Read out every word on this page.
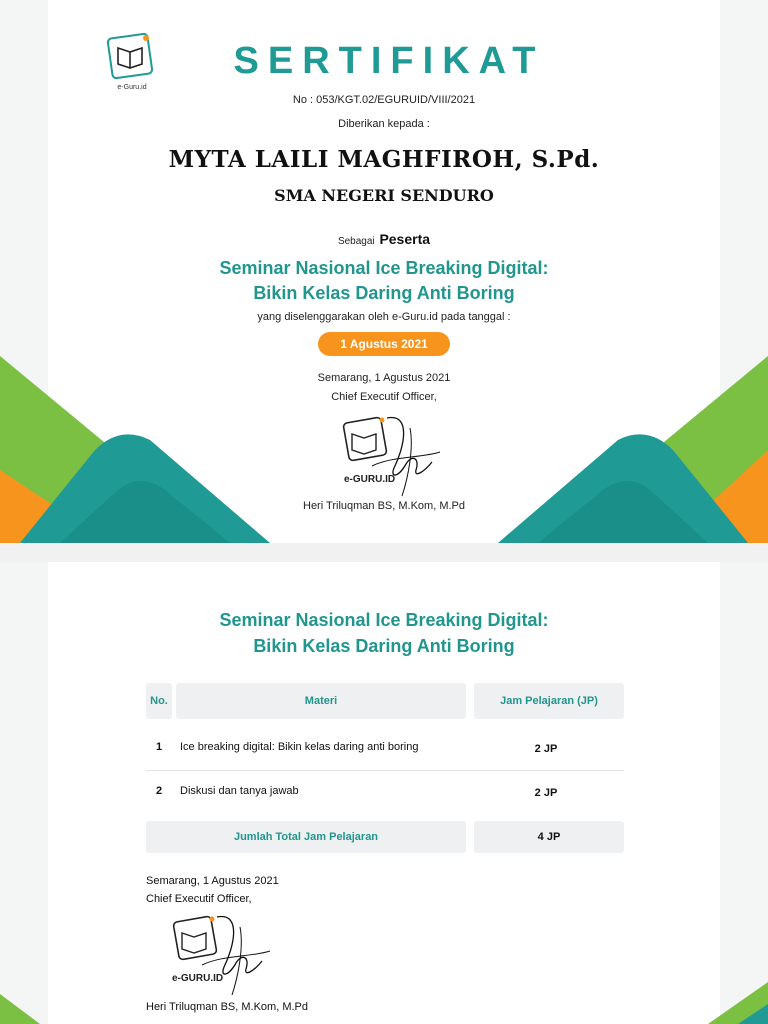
e-Guru.id
SERTIFIKAT
No : 053/KGT.02/EGURUID/VIII/2021
Diberikan kepada :
MYTA LAILI MAGHFIROH, S.Pd.
SMA NEGERI SENDURO
Sebagai Peserta
Seminar Nasional Ice Breaking Digital:
Bikin Kelas Daring Anti Boring
yang diselenggarakan oleh e-Guru.id pada tanggal :
1 Agustus 2021
Semarang, 1 Agustus 2021
Chief Executif Officer,
e-GURU.ID
Heri Triluqman BS, M.Kom, M.Pd
Seminar Nasional Ice Breaking Digital:
Bikin Kelas Daring Anti Boring
No.	Materi	Jam Pelajaran (JP)
1 Ice breaking digital: Bikin kelas daring anti boring	2 JP
2 Diskusi dan tanya jawab	2 JP
Jumlah Total Jam Pelajaran	4 JP
Semarang, 1 Agustus 2021
Chief Executif Officer,
e-GURU.ID
Heri Triluqman BS, M.Kom, M.Pd
